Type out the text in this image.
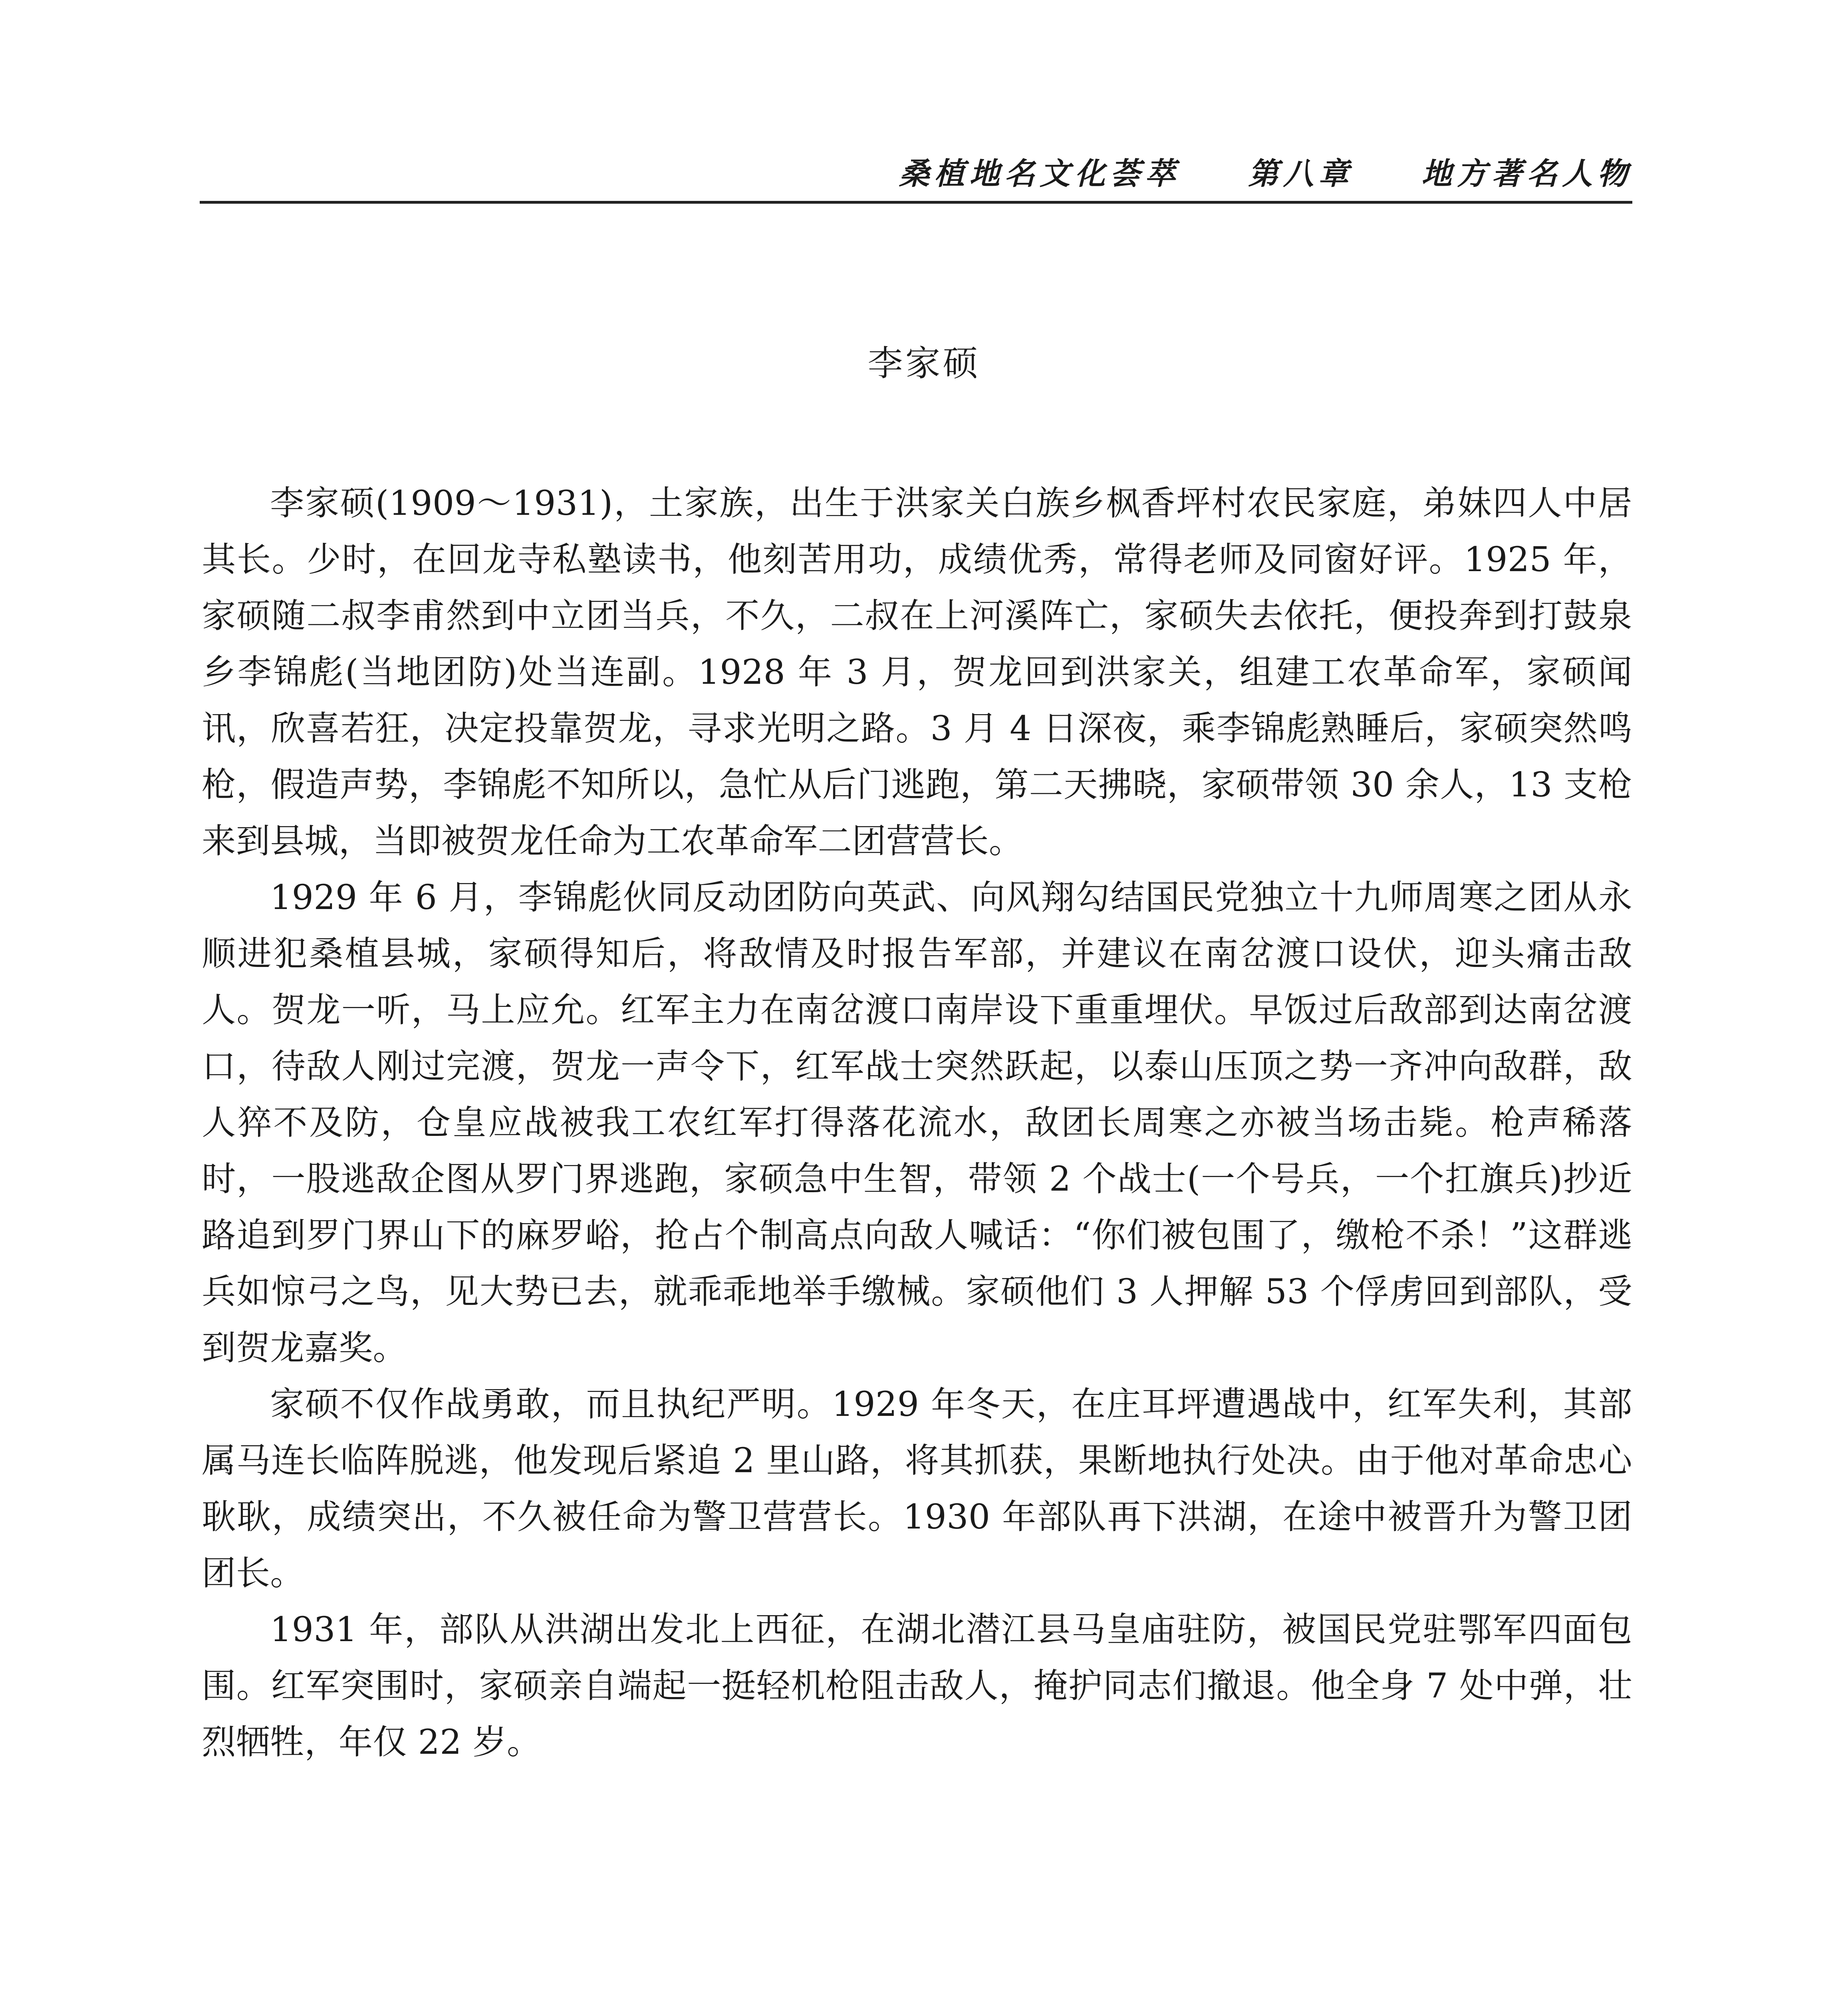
桑植地名文化荟萃 第八章 地方著名人物
李家硕

李家硕(1909～1931)，土家族，出生于洪家关白族乡枫香坪村农民家庭，弟妹四人中居其长。少时，在回龙寺私塾读书，他刻苦用功，成绩优秀，常得老师及同窗好评。1925 年，家硕随二叔李甫然到中立团当兵，不久，二叔在上河溪阵亡，家硕失去依托，便投奔到打鼓泉乡李锦彪(当地团防)处当连副。1928 年 3 月，贺龙回到洪家关，组建工农革命军，家硕闻讯，欣喜若狂，决定投靠贺龙，寻求光明之路。3 月 4 日深夜，乘李锦彪熟睡后，家硕突然鸣枪，假造声势，李锦彪不知所以，急忙从后门逃跑，第二天拂晓，家硕带领 30 余人，13 支枪来到县城，当即被贺龙任命为工农革命军二团营营长。

1929 年 6 月，李锦彪伙同反动团防向英武、向风翔勾结国民党独立十九师周寒之团从永顺进犯桑植县城，家硕得知后，将敌情及时报告军部，并建议在南岔渡口设伏，迎头痛击敌人。贺龙一听，马上应允。红军主力在南岔渡口南岸设下重重埋伏。早饭过后敌部到达南岔渡口，待敌人刚过完渡，贺龙一声令下，红军战士突然跃起，以泰山压顶之势一齐冲向敌群，敌人猝不及防，仓皇应战被我工农红军打得落花流水，敌团长周寒之亦被当场击毙。枪声稀落时，一股逃敌企图从罗门界逃跑，家硕急中生智，带领 2 个战士(一个号兵，一个扛旗兵)抄近路追到罗门界山下的麻罗峪，抢占个制高点向敌人喊话：“你们被包围了，缴枪不杀！”这群逃兵如惊弓之鸟，见大势已去，就乖乖地举手缴械。家硕他们 3 人押解 53 个俘虏回到部队，受到贺龙嘉奖。

家硕不仅作战勇敢，而且执纪严明。1929 年冬天，在庄耳坪遭遇战中，红军失利，其部属马连长临阵脱逃，他发现后紧追 2 里山路，将其抓获，果断地执行处决。由于他对革命忠心耿耿，成绩突出，不久被任命为警卫营营长。1930 年部队再下洪湖，在途中被晋升为警卫团团长。

1931 年，部队从洪湖出发北上西征，在湖北潜江县马皇庙驻防，被国民党驻鄂军四面包围。红军突围时，家硕亲自端起一挺轻机枪阻击敌人，掩护同志们撤退。他全身 7 处中弹，壮烈牺牲，年仅 22 岁。
